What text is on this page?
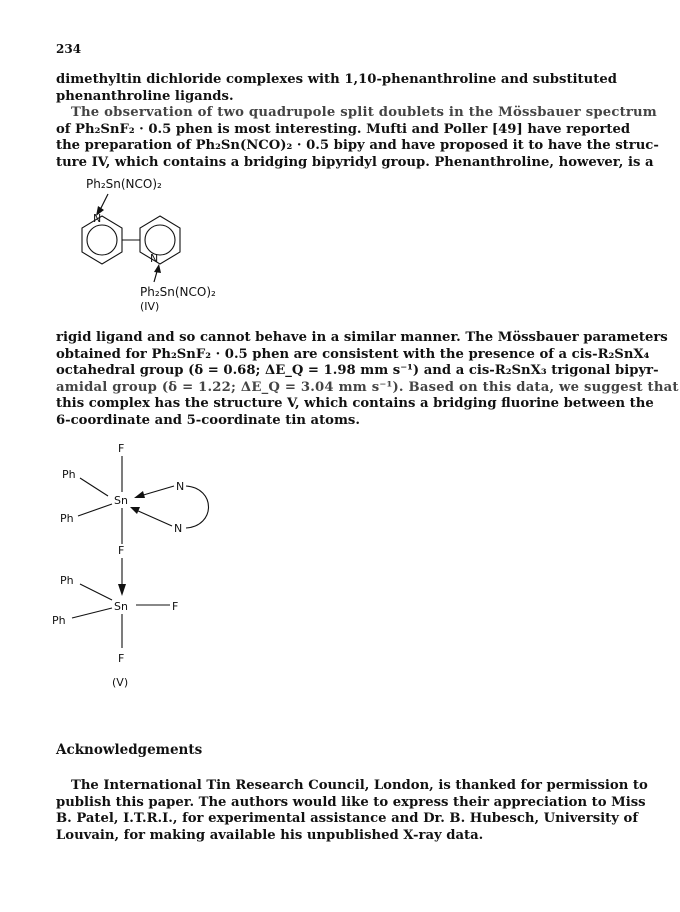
234

dimethyltin dichloride complexes with 1,10-phenanthroline and substituted
phenanthroline ligands.

The observation of two quadrupole split doublets in the Mössbauer spectrum
of Ph₂SnF₂ · 0.5 phen is most interesting. Mufti and Poller [49] have reported
the preparation of Ph₂Sn(NCO)₂ · 0.5 bipy and have proposed it to have the struc-
ture IV, which contains a bridging bipyridyl group. Phenanthroline, however, is a

Ph₂Sn(NCO)₂
N
N
Ph₂Sn(NCO)₂
(IV)

rigid ligand and so cannot behave in a similar manner. The Mössbauer parameters
obtained for Ph₂SnF₂ · 0.5 phen are consistent with the presence of a cis-R₂SnX₄
octahedral group (δ = 0.68; ΔE_Q = 1.98 mm s⁻¹) and a cis-R₂SnX₃ trigonal bipyr-
amidal group (δ = 1.22; ΔE_Q = 3.04 mm s⁻¹). Based on this data, we suggest that
this complex has the structure V, which contains a bridging fluorine between the
6-coordinate and 5-coordinate tin atoms.

F
Ph
Ph
Sn
N
N
F
Ph
Ph
Sn	F
F
(V)
Acknowledgements

The International Tin Research Council, London, is thanked for permission to
publish this paper. The authors would like to express their appreciation to Miss
B. Patel, I.T.R.I., for experimental assistance and Dr. B. Hubesch, University of
Louvain, for making available his unpublished X-ray data.
